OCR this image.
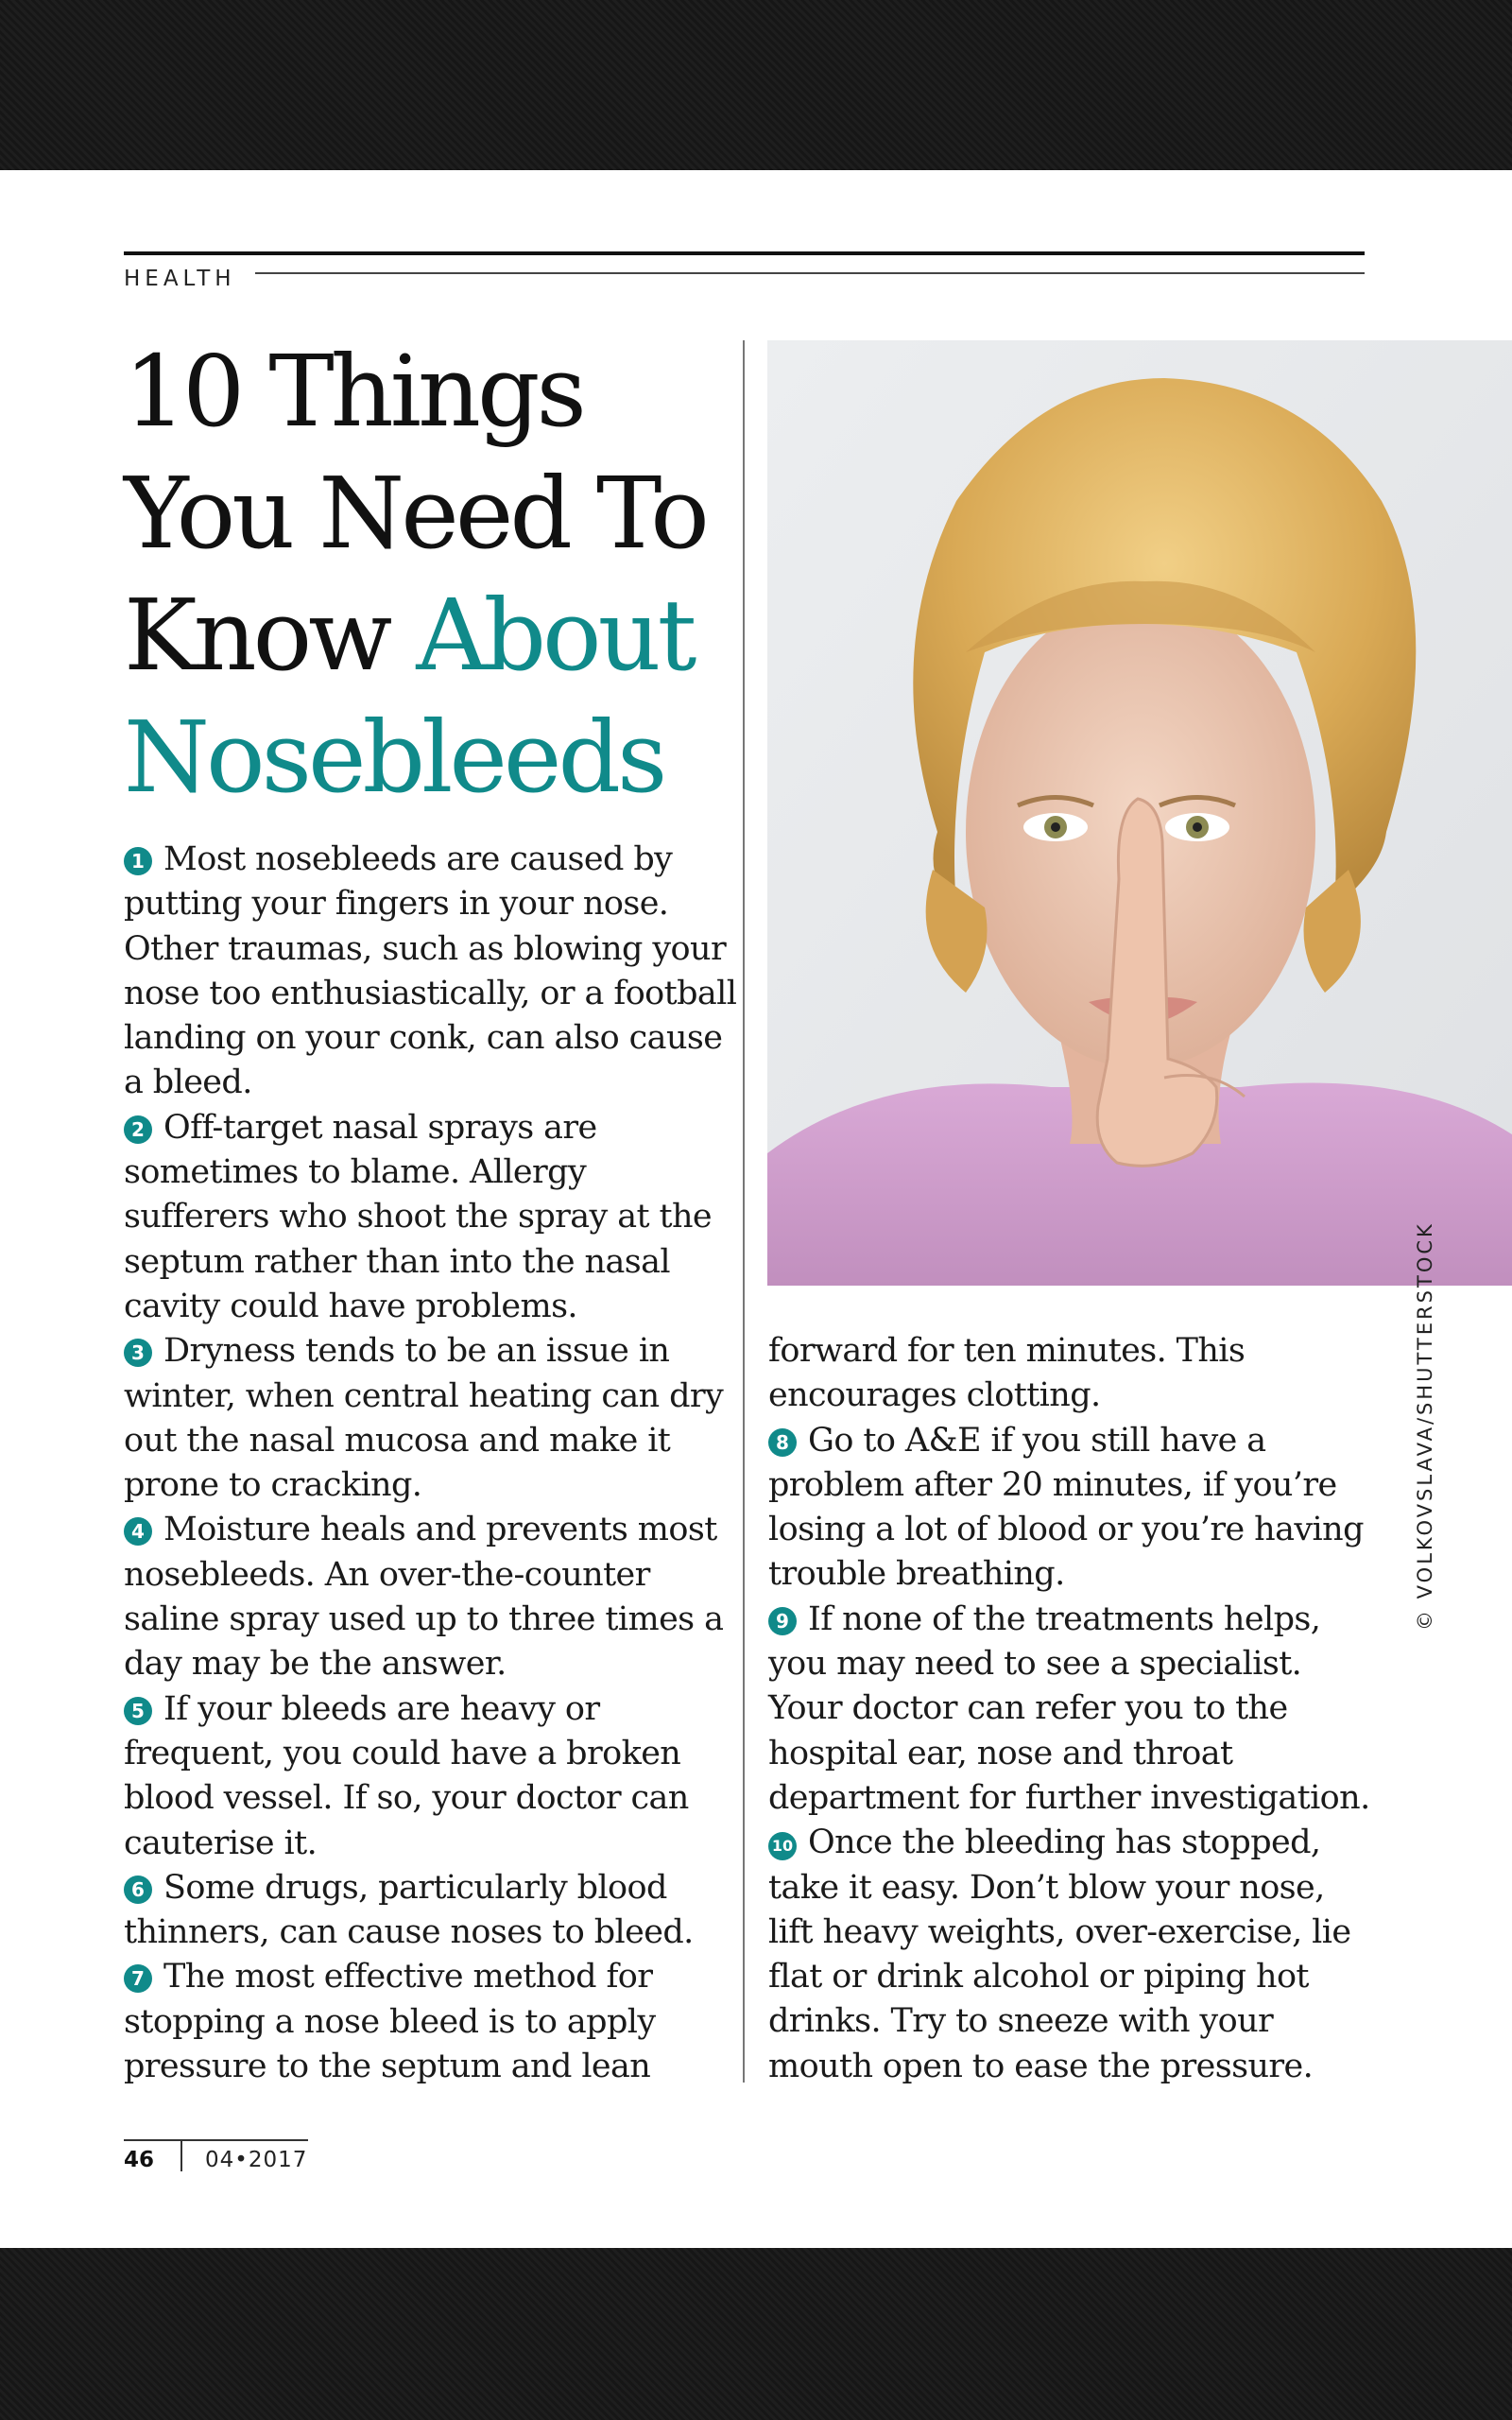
HEALTH
10 Things
You Need To
Know About
Nosebleeds

1 Most nosebleeds are caused by putting your fingers in your nose. Other traumas, such as blowing your nose too enthusiastically, or a football landing on your conk, can also cause a bleed.

2 Off-target nasal sprays are sometimes to blame. Allergy sufferers who shoot the spray at the septum rather than into the nasal cavity could have problems.

3 Dryness tends to be an issue in winter, when central heating can dry out the nasal mucosa and make it prone to cracking.

4 Moisture heals and prevents most nosebleeds. An over-the-counter saline spray used up to three times a day may be the answer.

5 If your bleeds are heavy or frequent, you could have a broken blood vessel. If so, your doctor can cauterise it.

6 Some drugs, particularly blood thinners, can cause noses to bleed.

7 The most effective method for stopping a nose bleed is to apply pressure to the septum and lean

forward for ten minutes. This encourages clotting.

8 Go to A&E if you still have a problem after 20 minutes, if you’re losing a lot of blood or you’re having trouble breathing.

9 If none of the treatments helps, you may need to see a specialist. Your doctor can refer you to the hospital ear, nose and throat department for further investigation.

10 Once the bleeding has stopped, take it easy. Don’t blow your nose, lift heavy weights, over-exercise, lie flat or drink alcohol or piping hot drinks. Try to sneeze with your mouth open to ease the pressure.

© VOLKOVSLAVA/SHUTTERSTOCK
46 04•2017
